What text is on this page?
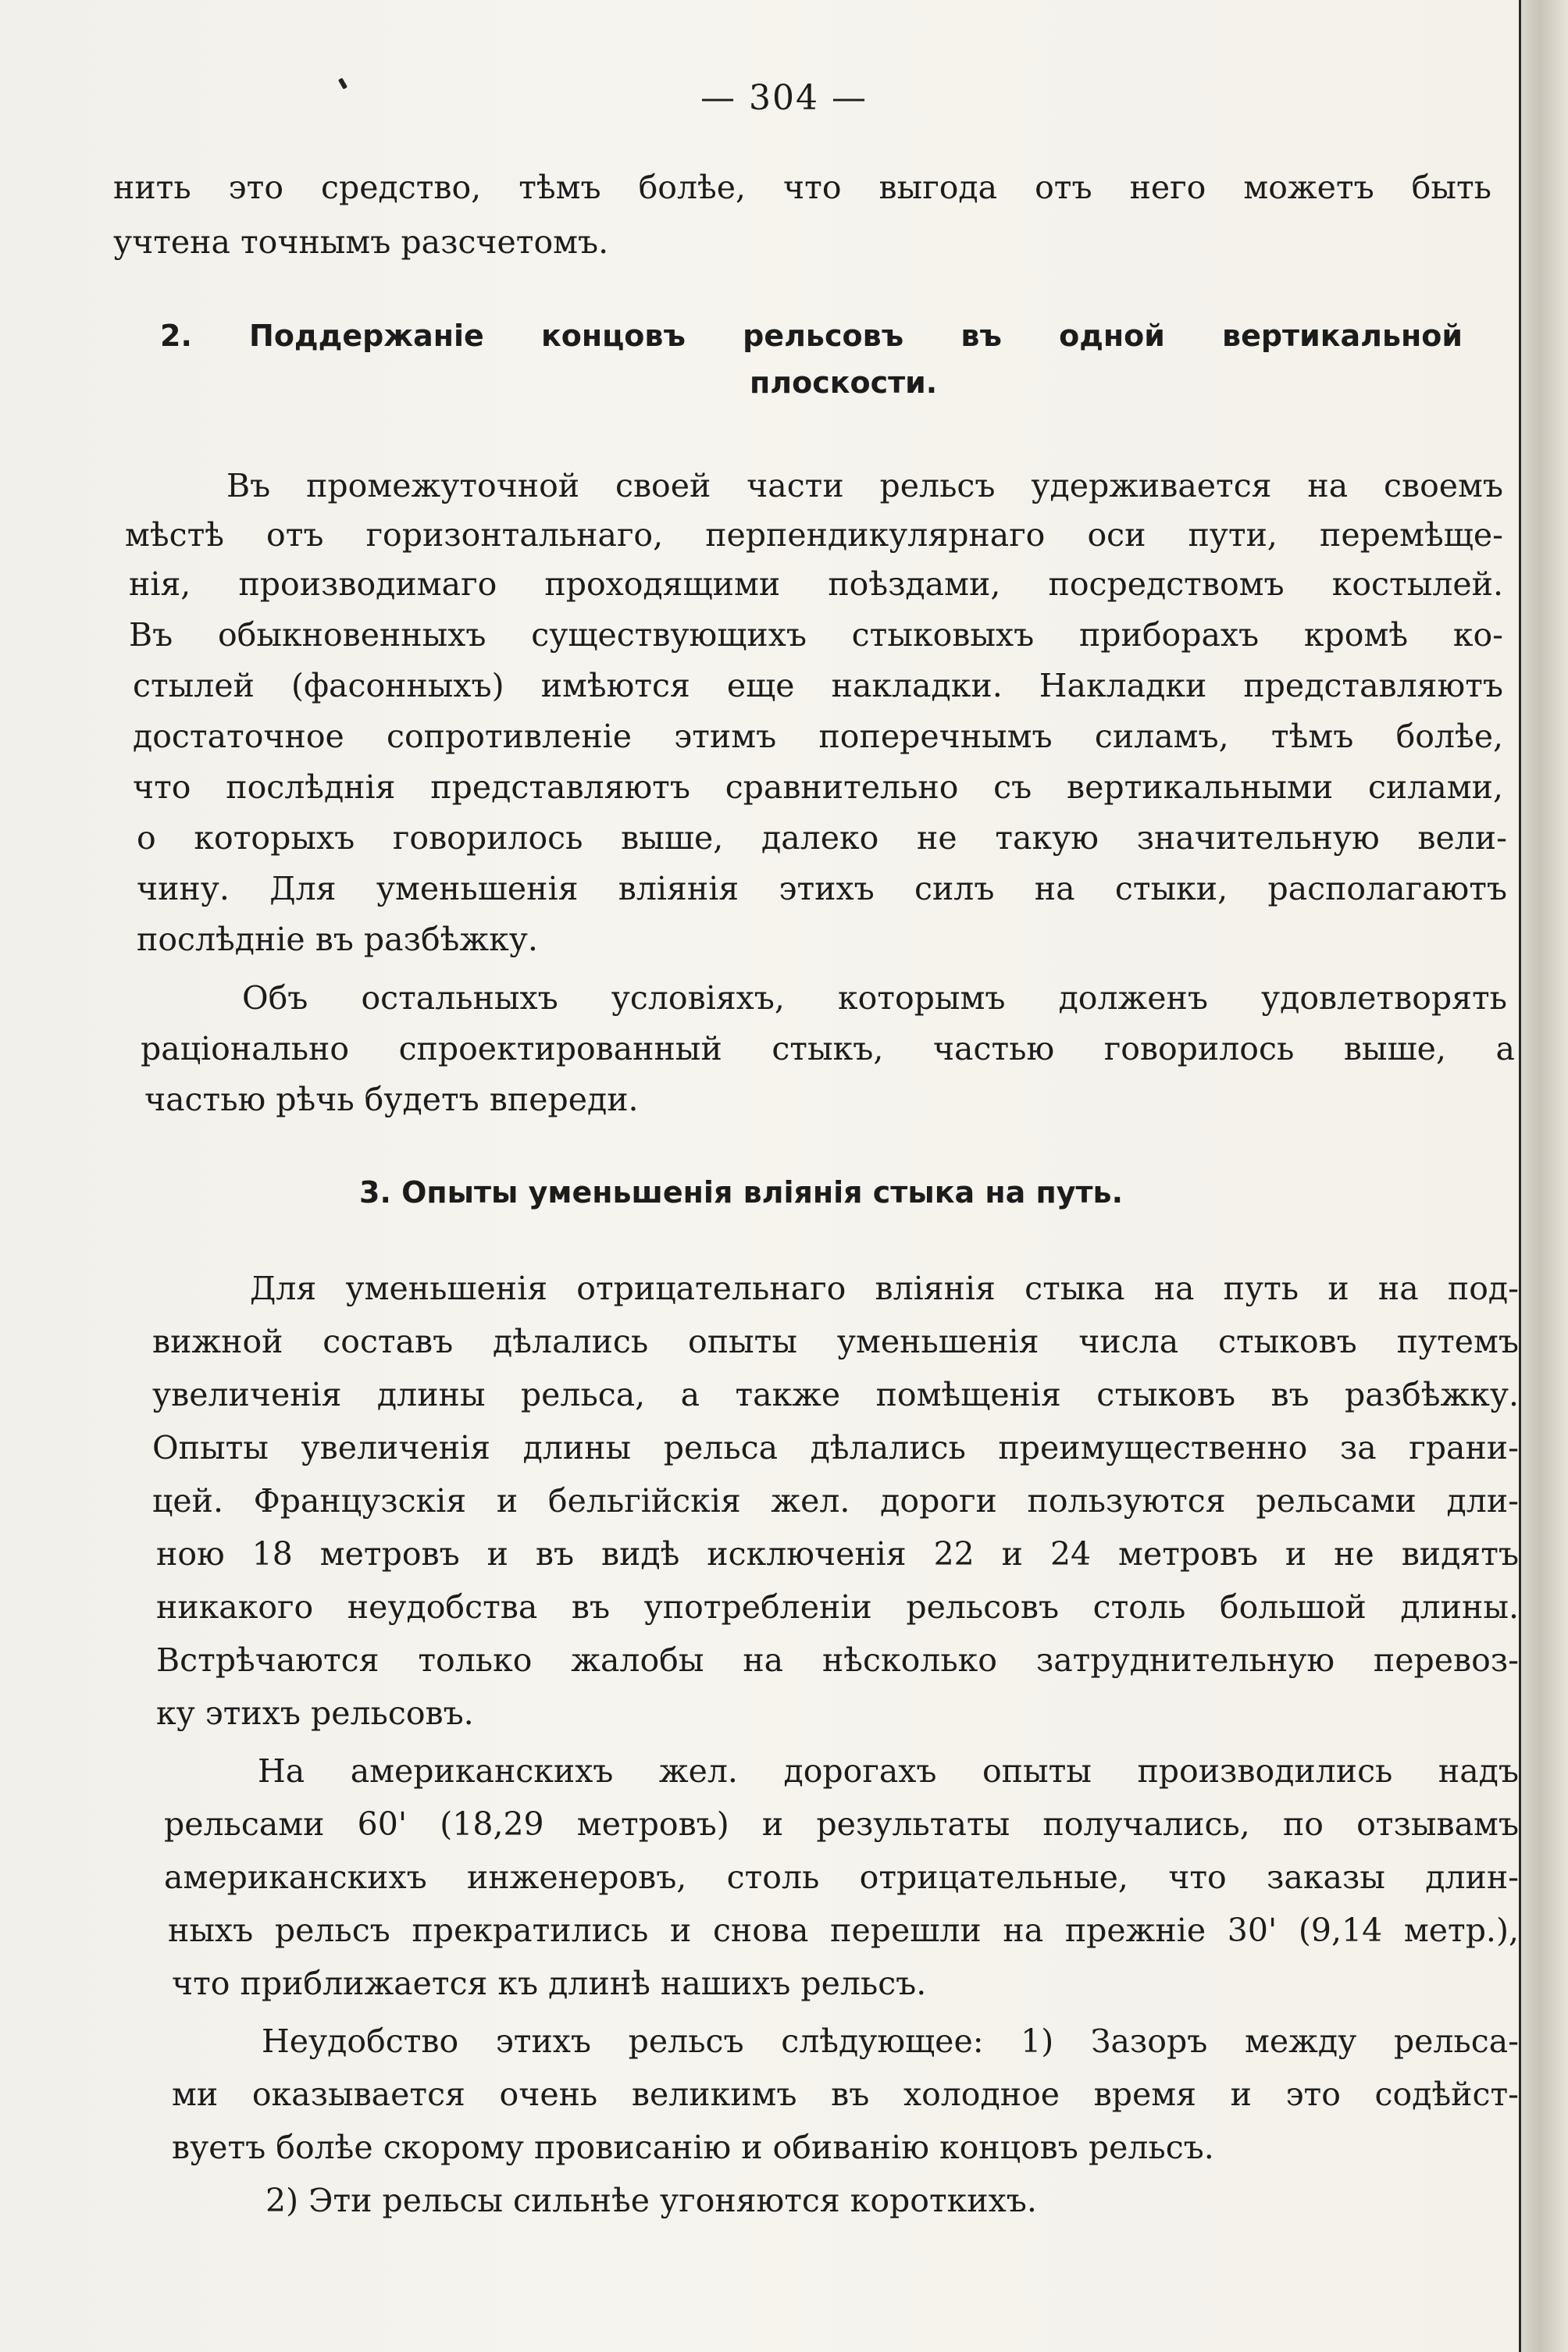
— 304 —
нить это средство, тѣмъ болѣе, что выгода отъ него можетъ быть
учтена точнымъ разсчетомъ.
2. Поддержаніе концовъ рельсовъ въ одной вертикальной
плоскости.
Въ промежуточной своей части рельсъ удерживается на своемъ
мѣстѣ отъ горизонтальнаго, перпендикулярнаго оси пути, перемѣще-
нія, производимаго проходящими поѣздами, посредствомъ костылей.
Въ обыкновенныхъ существующихъ стыковыхъ приборахъ кромѣ ко-
стылей (фасонныхъ) имѣются еще накладки. Накладки представляютъ
достаточное сопротивленіе этимъ поперечнымъ силамъ, тѣмъ болѣе,
что послѣднія представляютъ сравнительно съ вертикальными силами,
о которыхъ говорилось выше, далеко не такую значительную вели-
чину. Для уменьшенія вліянія этихъ силъ на стыки, располагаютъ
послѣдніе въ разбѣжку.
Объ остальныхъ условіяхъ, которымъ долженъ удовлетворять
раціонально спроектированный стыкъ, частью говорилось выше, а
частью рѣчь будетъ впереди.
3. Опыты уменьшенія вліянія стыка на путь.
Для уменьшенія отрицательнаго вліянія стыка на путь и на под-
вижной составъ дѣлались опыты уменьшенія числа стыковъ путемъ
увеличенія длины рельса, а также помѣщенія стыковъ въ разбѣжку.
Опыты увеличенія длины рельса дѣлались преимущественно за грани-
цей. Французскія и бельгійскія жел. дороги пользуются рельсами дли-
ною 18 метровъ и въ видѣ исключенія 22 и 24 метровъ и не видятъ
никакого неудобства въ употребленіи рельсовъ столь большой длины.
Встрѣчаются только жалобы на нѣсколько затруднительную перевоз-
ку этихъ рельсовъ.
На американскихъ жел. дорогахъ опыты производились надъ
рельсами 60' (18,29 метровъ) и результаты получались, по отзывамъ
американскихъ инженеровъ, столь отрицательные, что заказы длин-
ныхъ рельсъ прекратились и снова перешли на прежніе 30' (9,14 метр.),
что приближается къ длинѣ нашихъ рельсъ.
Неудобство этихъ рельсъ слѣдующее: 1) Зазоръ между рельса-
ми оказывается очень великимъ въ холодное время и это содѣйст-
вуетъ болѣе скорому провисанію и обиванію концовъ рельсъ.
2) Эти рельсы сильнѣе угоняются короткихъ.
